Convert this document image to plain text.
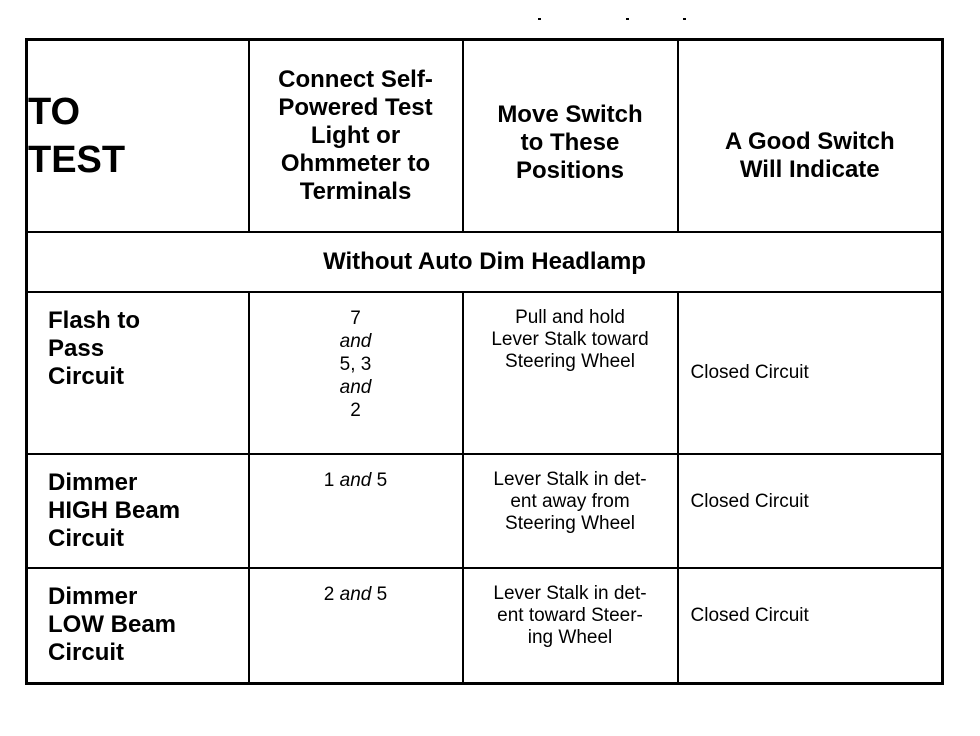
TO
TEST	Connect Self-
Powered Test
Light or
Ohmmeter to
Terminals	Move Switch
to These
Positions	A Good Switch
Will Indicate

Without Auto Dim Headlamp			

Flash to
Pass
Circuit	7
and
5, 3
and
2	Pull and hold
Lever Stalk toward
Steering Wheel	Closed Circuit

Dimmer
HIGH Beam
Circuit	1 and 5	Lever Stalk in det-
ent away from
Steering Wheel	Closed Circuit

Dimmer
LOW Beam
Circuit	2 and 5	Lever Stalk in det-
ent toward Steer-
ing Wheel	Closed Circuit
